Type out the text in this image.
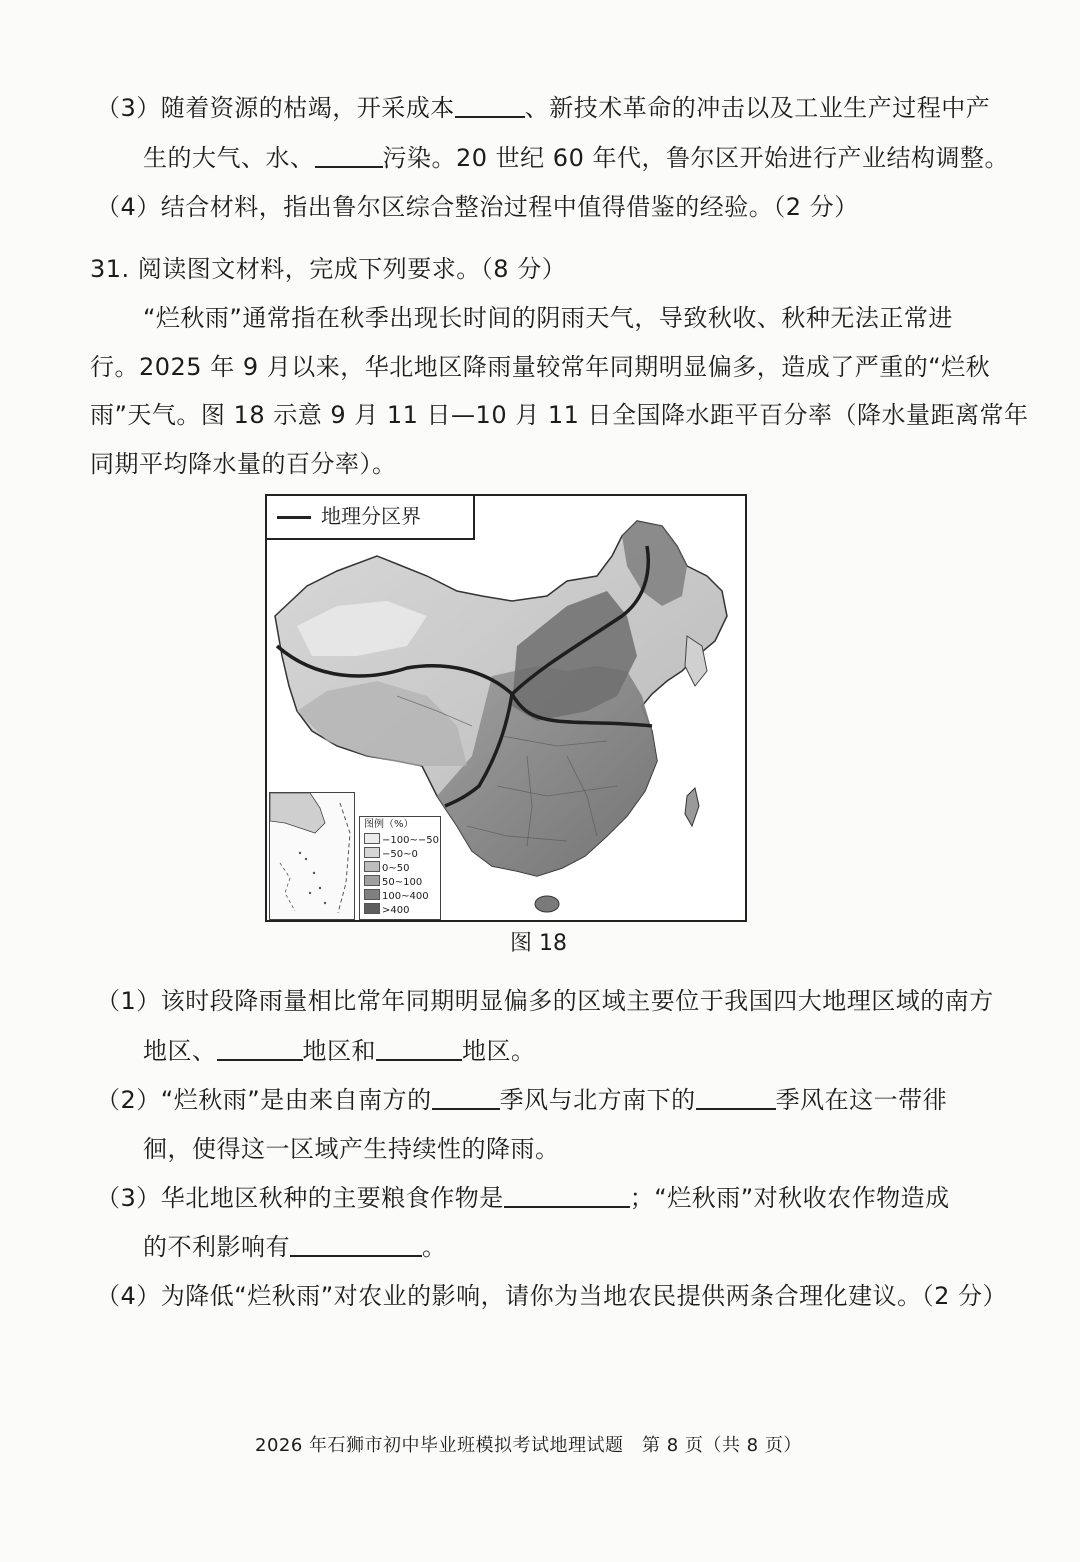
（3）随着资源的枯竭，开采成本	、新技术革命的冲击以及工业生产过程中产
生的大气、水、	污染。20 世纪 60 年代，鲁尔区开始进行产业结构调整。
（4）结合材料，指出鲁尔区综合整治过程中值得借鉴的经验。（2 分）
31. 阅读图文材料，完成下列要求。（8 分）
“烂秋雨”通常指在秋季出现长时间的阴雨天气，导致秋收、秋种无法正常进
行。2025 年 9 月以来，华北地区降雨量较常年同期明显偏多，造成了严重的“烂秋
雨”天气。图 18 示意 9 月 11 日—10 月 11 日全国降水距平百分率（降水量距离常年
同期平均降水量的百分率）。
地理分区界
图例（%）
−100~−50
−50~0
0~50
50~100
100~400
>400
图 18
（1）该时段降雨量相比常年同期明显偏多的区域主要位于我国四大地理区域的南方
地区、	地区和	地区。
（2）“烂秋雨”是由来自南方的	季风与北方南下的	季风在这一带徘
徊，使得这一区域产生持续性的降雨。
（3）华北地区秋种的主要粮食作物是	；“烂秋雨”对秋收农作物造成
的不利影响有	。
（4）为降低“烂秋雨”对农业的影响，请你为当地农民提供两条合理化建议。（2 分）
2026 年石狮市初中毕业班模拟考试地理试题　第 8 页（共 8 页）
